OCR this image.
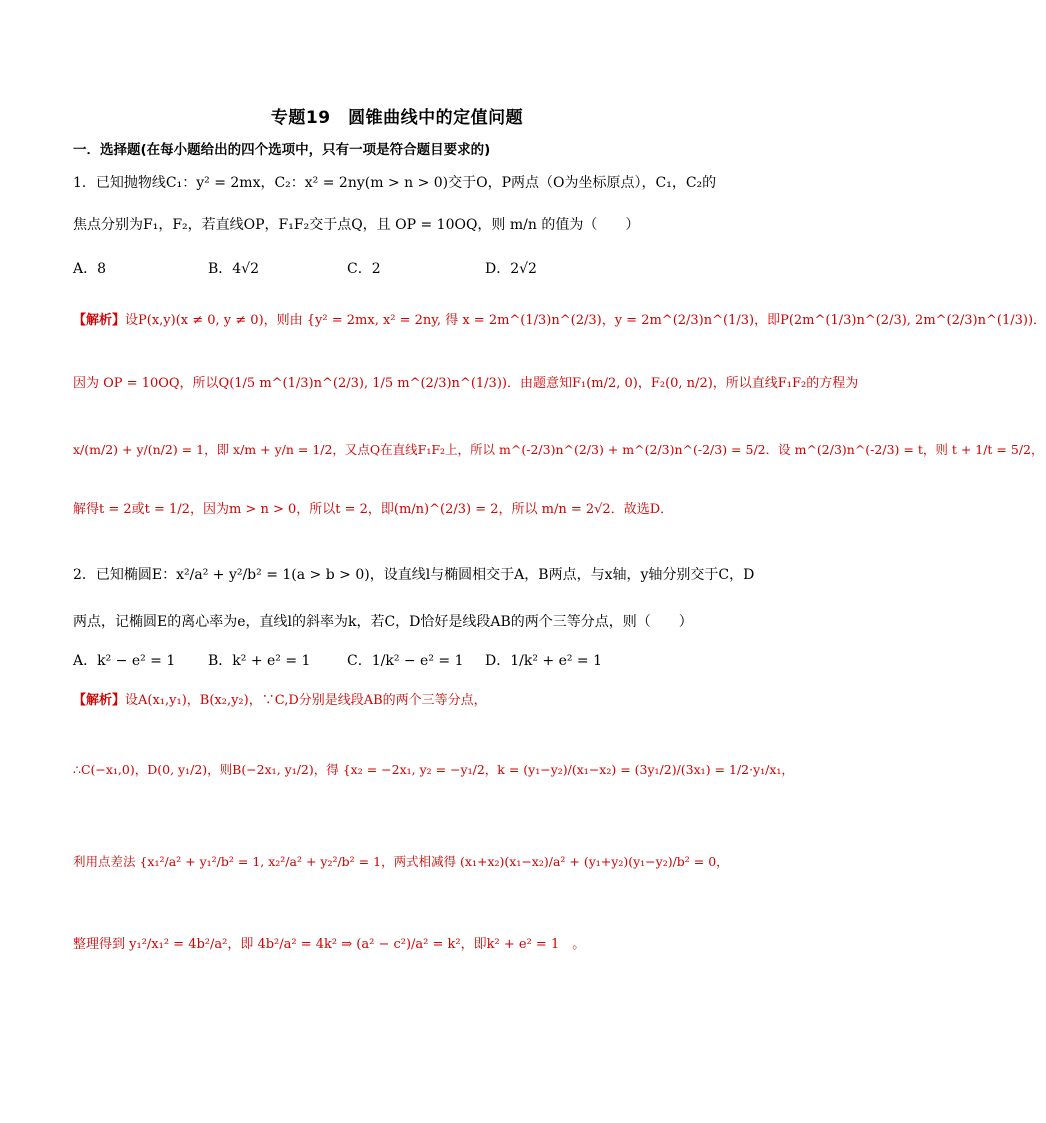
专题19　圆锥曲线中的定值问题
一．选择题(在每小题给出的四个选项中，只有一项是符合题目要求的)
1．已知抛物线C₁：y² = 2mx，C₂：x² = 2ny(m > n > 0)交于O，P两点（O为坐标原点），C₁，C₂的
焦点分别为F₁，F₂，若直线OP，F₁F₂交于点Q，且 OP = 10OQ，则 m/n 的值为（　　）
A．8	B．4√2	C．2	D．2√2
【解析】设P(x,y)(x ≠ 0, y ≠ 0)，则由 {y² = 2mx, x² = 2ny, 得 x = 2m^(1/3)n^(2/3)，y = 2m^(2/3)n^(1/3)，即P(2m^(1/3)n^(2/3), 2m^(2/3)n^(1/3))．
因为 OP = 10OQ，所以Q(1/5 m^(1/3)n^(2/3), 1/5 m^(2/3)n^(1/3))．由题意知F₁(m/2, 0)，F₂(0, n/2)，所以直线F₁F₂的方程为
x/(m/2) + y/(n/2) = 1，即 x/m + y/n = 1/2，又点Q在直线F₁F₂上，所以 m^(-2/3)n^(2/3) + m^(2/3)n^(-2/3) = 5/2．设 m^(2/3)n^(-2/3) = t，则 t + 1/t = 5/2，
解得t = 2或t = 1/2，因为m > n > 0，所以t = 2，即(m/n)^(2/3) = 2，所以 m/n = 2√2．故选D．
2．已知椭圆E：x²/a² + y²/b² = 1(a > b > 0)，设直线l与椭圆相交于A，B两点，与x轴，y轴分别交于C，D
两点，记椭圆E的离心率为e，直线l的斜率为k，若C，D恰好是线段AB的两个三等分点，则（　　）
A．k² − e² = 1 B．k² + e² = 1	C．1/k² − e² = 1 D．1/k² + e² = 1
【解析】设A(x₁,y₁)，B(x₂,y₂)，∵C,D分别是线段AB的两个三等分点，
∴C(−x₁,0)，D(0, y₁/2)，则B(−2x₁, y₁/2)，得 {x₂ = −2x₁, y₂ = −y₁/2，k = (y₁−y₂)/(x₁−x₂) = (3y₁/2)/(3x₁) = 1/2·y₁/x₁，
利用点差法 {x₁²/a² + y₁²/b² = 1, x₂²/a² + y₂²/b² = 1，两式相减得 (x₁+x₂)(x₁−x₂)/a² + (y₁+y₂)(y₁−y₂)/b² = 0，
整理得到 y₁²/x₁² = 4b²/a²，即 4b²/a² = 4k² ⇒ (a² − c²)/a² = k²，即k² + e² = 1　。
